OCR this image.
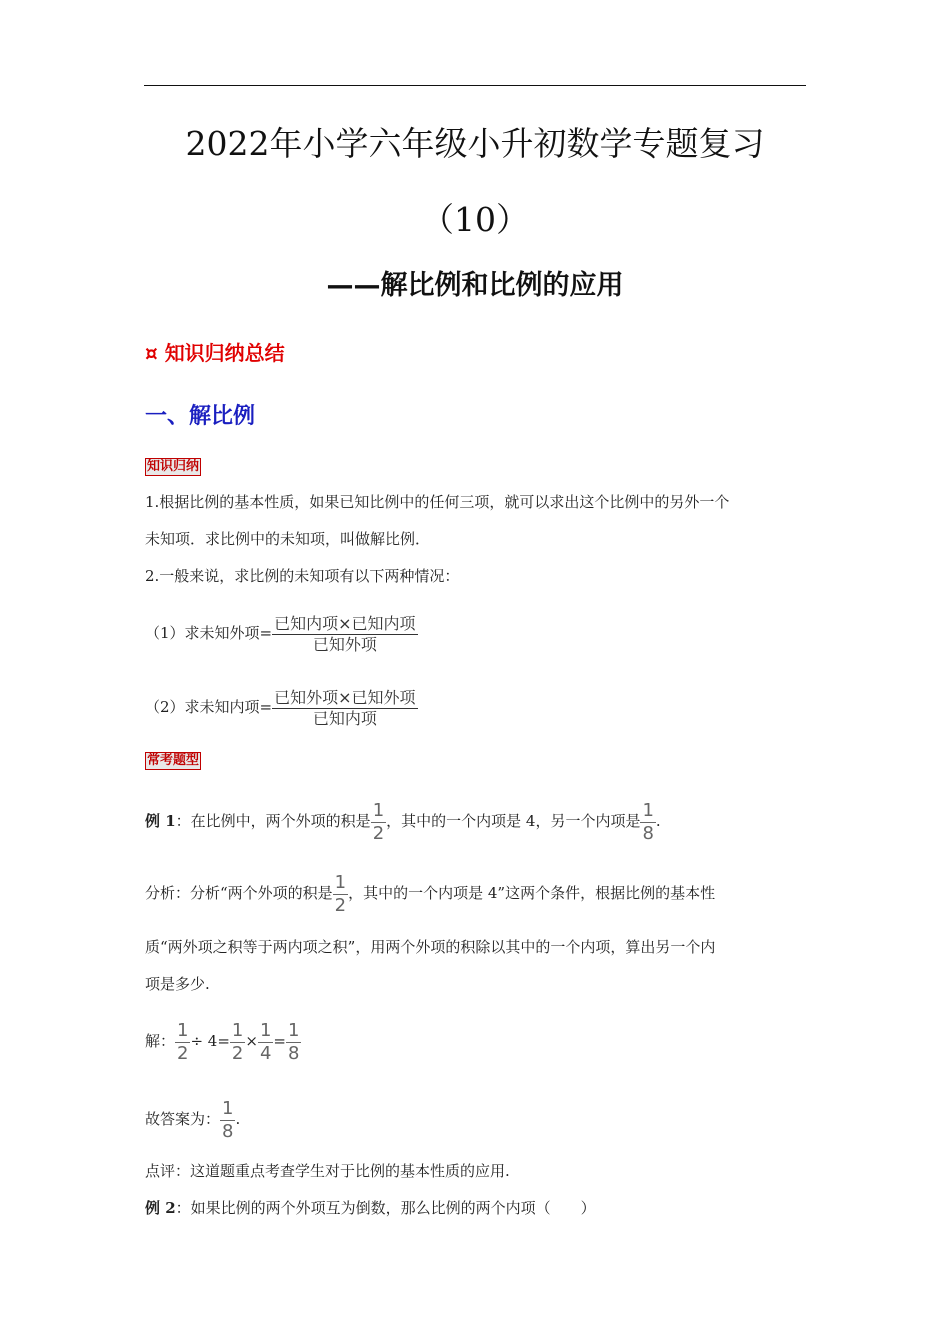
2022年小学六年级小升初数学专题复习
（10）
——解比例和比例的应用
¤ 知识归纳总结
一、解比例
知识归纳
1.根据比例的基本性质，如果已知比例中的任何三项，就可以求出这个比例中的另外一个
未知项．求比例中的未知项，叫做解比例．
2.一般来说，求比例的未知项有以下两种情况：
（1）求未知外项= $\frac{\text{已知内项×已知内项}}{\text{已知外项}}$
（2）求未知内项= $\frac{\text{已知外项×已知外项}}{\text{已知内项}}$
常考题型
例 1：在比例中，两个外项的积是 $\frac{1}{2}$ ，其中的一个内项是 4，另一个内项是 $\frac{1}{8}$ .
分析：分析“两个外项的积是 $\frac{1}{2}$ ，其中的一个内项是 4”这两个条件，根据比例的基本性
质“两外项之积等于两内项之积”，用两个外项的积除以其中的一个内项，算出另一个内
项是多少.
解： $\frac{1}{2} \div 4= \frac{1}{2} \times \frac{1}{4} = \frac{1}{8}$
故答案为： $\frac{1}{8}$ .
点评：这道题重点考查学生对于比例的基本性质的应用.
例 2：如果比例的两个外项互为倒数，那么比例的两个内项（　　）
